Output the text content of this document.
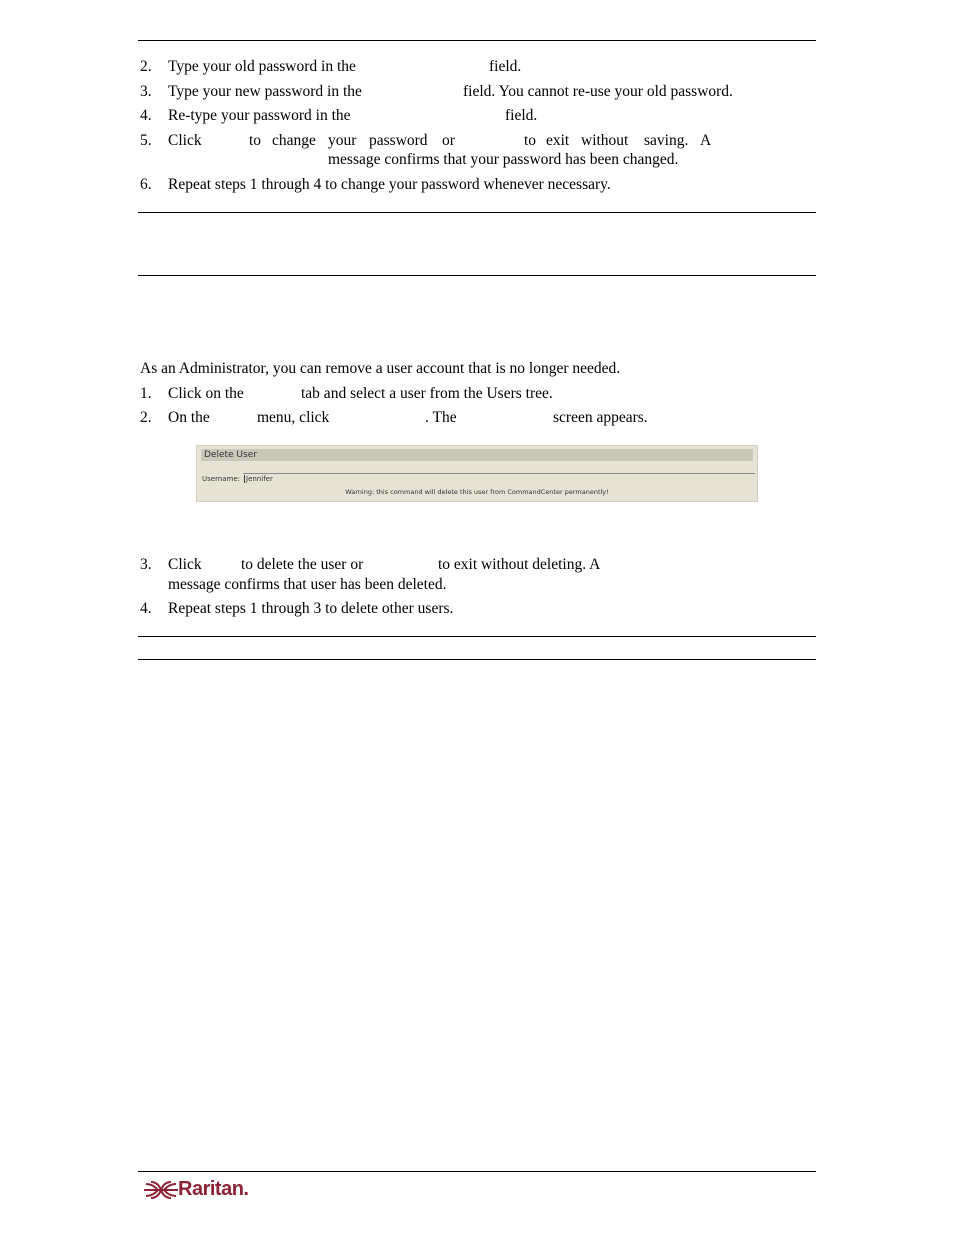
2. Type your old password in the	field.
3. Type your new password in the	field. You cannot re-use your old password.
4. Re-type your password in the	field.
5. Click	to change your password or	to exit without saving. A
message confirms that your password has been changed.
6. Repeat steps 1 through 4 to change your password whenever necessary.
As an Administrator, you can remove a user account that is no longer needed.
1. Click on the	tab and select a user from the Users tree.
2. On the	menu, click	. The	screen appears.
Delete User
Username: Jennifer
Warning: this command will delete this user from CommandCenter permanently!
3. Click	to delete the user or	to exit without deleting. A
message confirms that user has been deleted.
4. Repeat steps 1 through 3 to delete other users.
Raritan.
